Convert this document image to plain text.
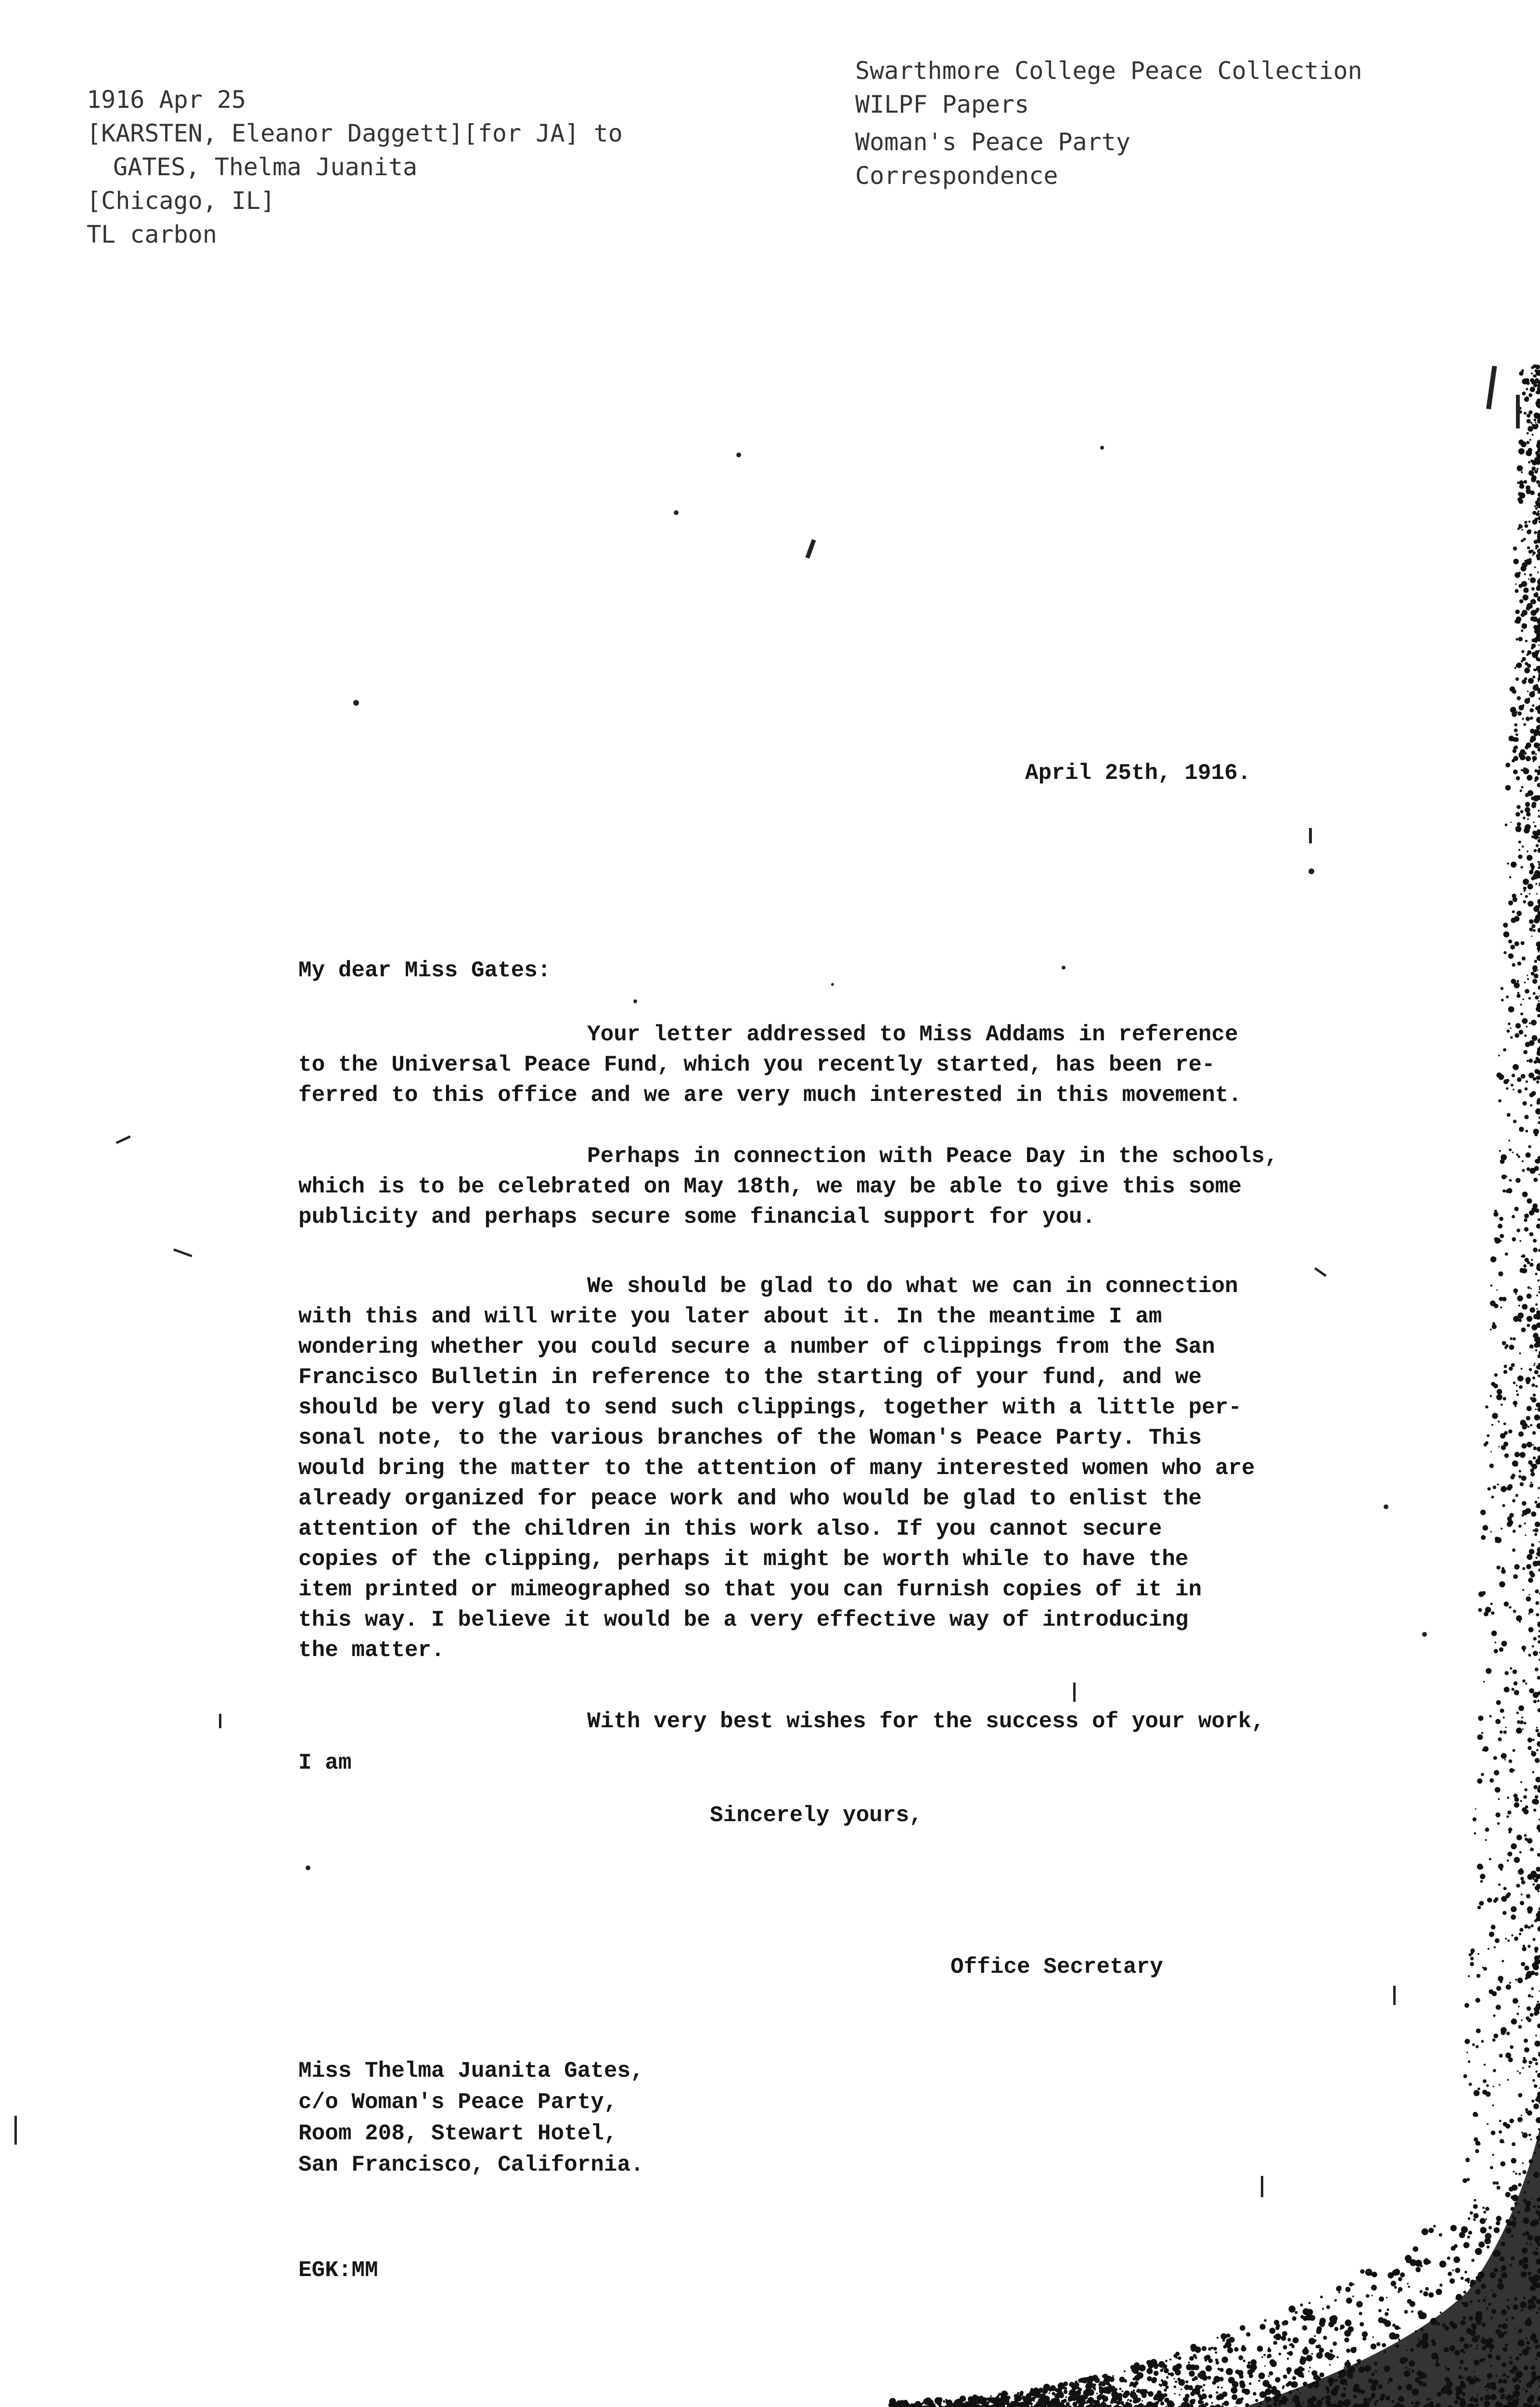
1916 Apr 25
[KARSTEN, Eleanor Daggett][for JA] to
GATES, Thelma Juanita
[Chicago, IL]
TL carbon
Swarthmore College Peace Collection
WILPF Papers
Woman's Peace Party
Correspondence
April 25th, 1916.
My dear Miss Gates:
Your letter addressed to Miss Addams in reference
to the Universal Peace Fund, which you recently started, has been re-
ferred to this office and we are very much interested in this movement.
Perhaps in connection with Peace Day in the schools,
which is to be celebrated on May 18th, we may be able to give this some
publicity and perhaps secure some financial support for you.
We should be glad to do what we can in connection
with this and will write you later about it. In the meantime I am
wondering whether you could secure a number of clippings from the San
Francisco Bulletin in reference to the starting of your fund, and we
should be very glad to send such clippings, together with a little per-
sonal note, to the various branches of the Woman's Peace Party. This
would bring the matter to the attention of many interested women who are
already organized for peace work and who would be glad to enlist the
attention of the children in this work also. If you cannot secure
copies of the clipping, perhaps it might be worth while to have the
item printed or mimeographed so that you can furnish copies of it in
this way. I believe it would be a very effective way of introducing
the matter.
With very best wishes for the success of your work,
I am
Sincerely yours,
Office Secretary
Miss Thelma Juanita Gates,
c/o Woman's Peace Party,
Room 208, Stewart Hotel,
San Francisco, California.
EGK:MM
